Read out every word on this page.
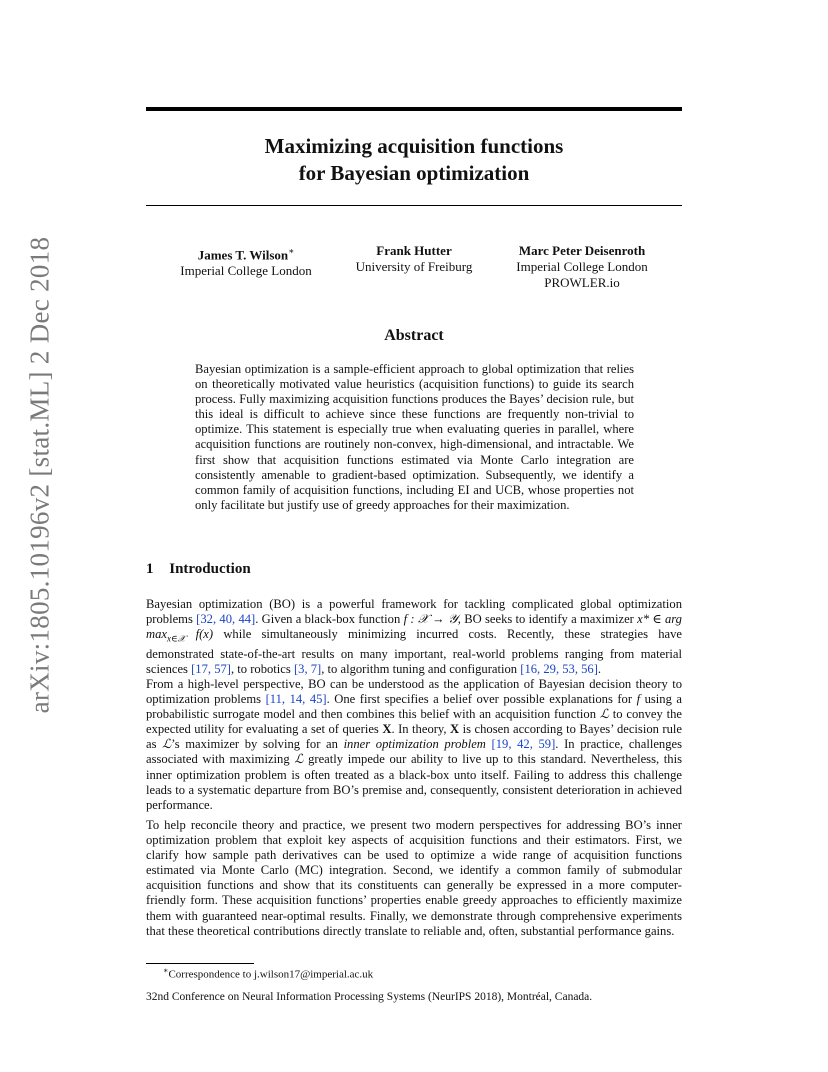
arXiv:1805.10196v2 [stat.ML] 2 Dec 2018
Maximizing acquisition functions
for Bayesian optimization
James T. Wilson∗
Imperial College London
Frank Hutter
University of Freiburg
Marc Peter Deisenroth
Imperial College London
PROWLER.io
Abstract
Bayesian optimization is a sample-efficient approach to global optimization that relies on theoretically motivated value heuristics (acquisition functions) to guide its search process. Fully maximizing acquisition functions produces the Bayes’ decision rule, but this ideal is difficult to achieve since these functions are frequently non-trivial to optimize. This statement is especially true when evaluating queries in parallel, where acquisition functions are routinely non-convex, high-dimensional, and intractable. We first show that acquisition functions estimated via Monte Carlo integration are consistently amenable to gradient-based optimization. Subsequently, we identify a common family of acquisition functions, including EI and UCB, whose properties not only facilitate but justify use of greedy approaches for their maximization.
1 Introduction
Bayesian optimization (BO) is a powerful framework for tackling complicated global optimization problems [32, 40, 44]. Given a black-box function f : 𝒳 → 𝒴, BO seeks to identify a maximizer x* ∈ arg $\max_{x\in 𝒳} f(x)$ while simultaneously minimizing incurred costs. Recently, these strategies have demonstrated state-of-the-art results on many important, real-world problems ranging from material sciences [17, 57], to robotics [3, 7], to algorithm tuning and configuration [16, 29, 53, 56].
From a high-level perspective, BO can be understood as the application of Bayesian decision theory to optimization problems [11, 14, 45]. One first specifies a belief over possible explanations for f using a probabilistic surrogate model and then combines this belief with an acquisition function ℒ to convey the expected utility for evaluating a set of queries X. In theory, X is chosen according to Bayes’ decision rule as ℒ’s maximizer by solving for an inner optimization problem [19, 42, 59]. In practice, challenges associated with maximizing ℒ greatly impede our ability to live up to this standard. Nevertheless, this inner optimization problem is often treated as a black-box unto itself. Failing to address this challenge leads to a systematic departure from BO’s premise and, consequently, consistent deterioration in achieved performance.
To help reconcile theory and practice, we present two modern perspectives for addressing BO’s inner optimization problem that exploit key aspects of acquisition functions and their estimators. First, we clarify how sample path derivatives can be used to optimize a wide range of acquisition functions estimated via Monte Carlo (MC) integration. Second, we identify a common family of submodular acquisition functions and show that its constituents can generally be expressed in a more computer-friendly form. These acquisition functions’ properties enable greedy approaches to efficiently maximize them with guaranteed near-optimal results. Finally, we demonstrate through comprehensive experiments that these theoretical contributions directly translate to reliable and, often, substantial performance gains.
∗Correspondence to j.wilson17@imperial.ac.uk
32nd Conference on Neural Information Processing Systems (NeurIPS 2018), Montréal, Canada.
